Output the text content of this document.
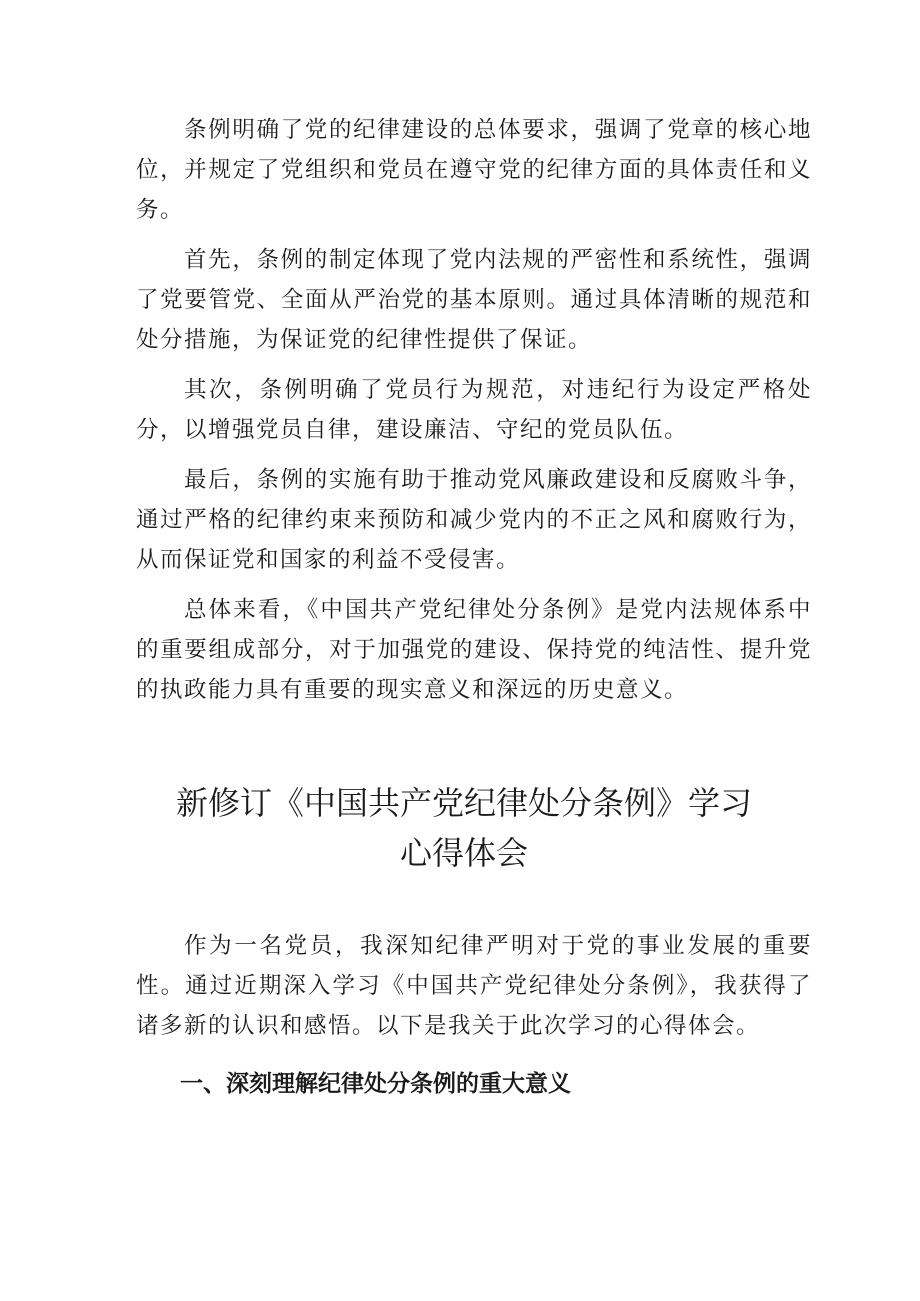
条例明确了党的纪律建设的总体要求，强调了党章的核心地位，并规定了党组织和党员在遵守党的纪律方面的具体责任和义务。

首先，条例的制定体现了党内法规的严密性和系统性，强调了党要管党、全面从严治党的基本原则。通过具体清晰的规范和处分措施，为保证党的纪律性提供了保证。

其次，条例明确了党员行为规范，对违纪行为设定严格处分，以增强党员自律，建设廉洁、守纪的党员队伍。

最后，条例的实施有助于推动党风廉政建设和反腐败斗争，通过严格的纪律约束来预防和减少党内的不正之风和腐败行为，从而保证党和国家的利益不受侵害。

总体来看，《中国共产党纪律处分条例》是党内法规体系中的重要组成部分，对于加强党的建设、保持党的纯洁性、提升党的执政能力具有重要的现实意义和深远的历史意义。

新修订《中国共产党纪律处分条例》学习
心得体会

作为一名党员，我深知纪律严明对于党的事业发展的重要性。通过近期深入学习《中国共产党纪律处分条例》，我获得了诸多新的认识和感悟。以下是我关于此次学习的心得体会。

一、深刻理解纪律处分条例的重大意义
